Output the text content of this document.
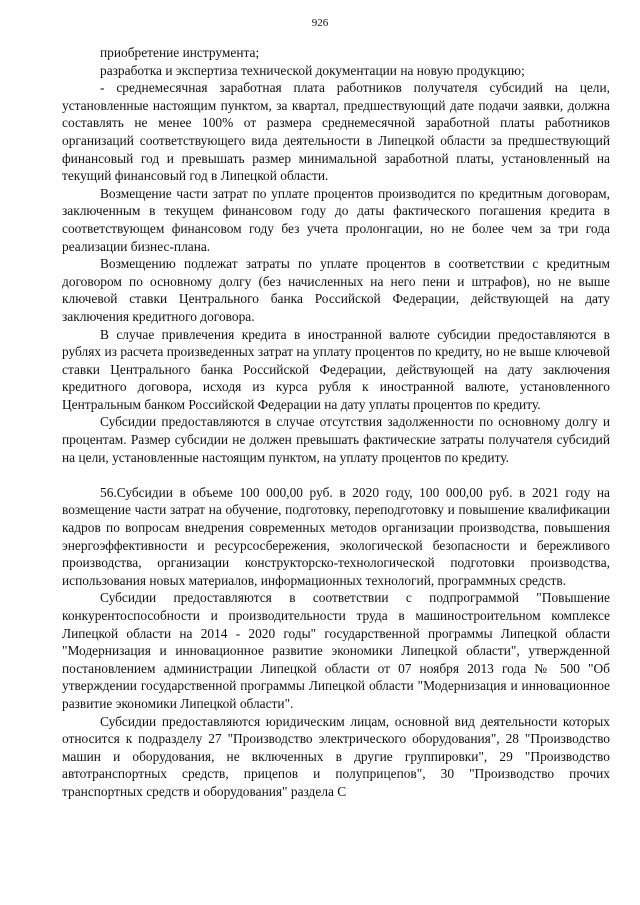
926

приобретение инструмента;

разработка и экспертиза технической документации на новую продукцию;

- среднемесячная заработная плата работников получателя субсидий на цели, установленные настоящим пунктом, за квартал, предшествующий дате подачи заявки, должна составлять не менее 100% от размера среднемесячной заработной платы работников организаций соответствующего вида деятельности в Липецкой области за предшествующий финансовый год и превышать размер минимальной заработной платы, установленный на текущий финансовый год в Липецкой области.

Возмещение части затрат по уплате процентов производится по кредитным договорам, заключенным в текущем финансовом году до даты фактического погашения кредита в соответствующем финансовом году без учета пролонгации, но не более чем за три года реализации бизнес-плана.

Возмещению подлежат затраты по уплате процентов в соответствии с кредитным договором по основному долгу (без начисленных на него пени и штрафов), но не выше ключевой ставки Центрального банка Российской Федерации, действующей на дату заключения кредитного договора.

В случае привлечения кредита в иностранной валюте субсидии предоставляются в рублях из расчета произведенных затрат на уплату процентов по кредиту, но не выше ключевой ставки Центрального банка Российской Федерации, действующей на дату заключения кредитного договора, исходя из курса рубля к иностранной валюте, установленного Центральным банком Российской Федерации на дату уплаты процентов по кредиту.

Субсидии предоставляются в случае отсутствия задолженности по основному долгу и процентам. Размер субсидии не должен превышать фактические затраты получателя субсидий на цели, установленные настоящим пунктом, на уплату процентов по кредиту.

56.Субсидии в объеме 100 000,00 руб. в 2020 году, 100 000,00 руб. в 2021 году на возмещение части затрат на обучение, подготовку, переподготовку и повышение квалификации кадров по вопросам внедрения современных методов организации производства, повышения энергоэффективности и ресурсосбережения, экологической безопасности и бережливого производства, организации конструкторско-технологической подготовки производства, использования новых материалов, информационных технологий, программных средств.

Субсидии предоставляются в соответствии с подпрограммой "Повышение конкурентоспособности и производительности труда в машиностроительном комплексе Липецкой области на 2014 - 2020 годы" государственной программы Липецкой области "Модернизация и инновационное развитие экономики Липецкой области", утвержденной постановлением администрации Липецкой области от 07 ноября 2013 года № 500 "Об утверждении государственной программы Липецкой области "Модернизация и инновационное развитие экономики Липецкой области".

Субсидии предоставляются юридическим лицам, основной вид деятельности которых относится к подразделу 27 "Производство электрического оборудования", 28 "Производство машин и оборудования, не включенных в другие группировки", 29 "Производство автотранспортных средств, прицепов и полуприцепов", 30 "Производство прочих транспортных средств и оборудования" раздела С
